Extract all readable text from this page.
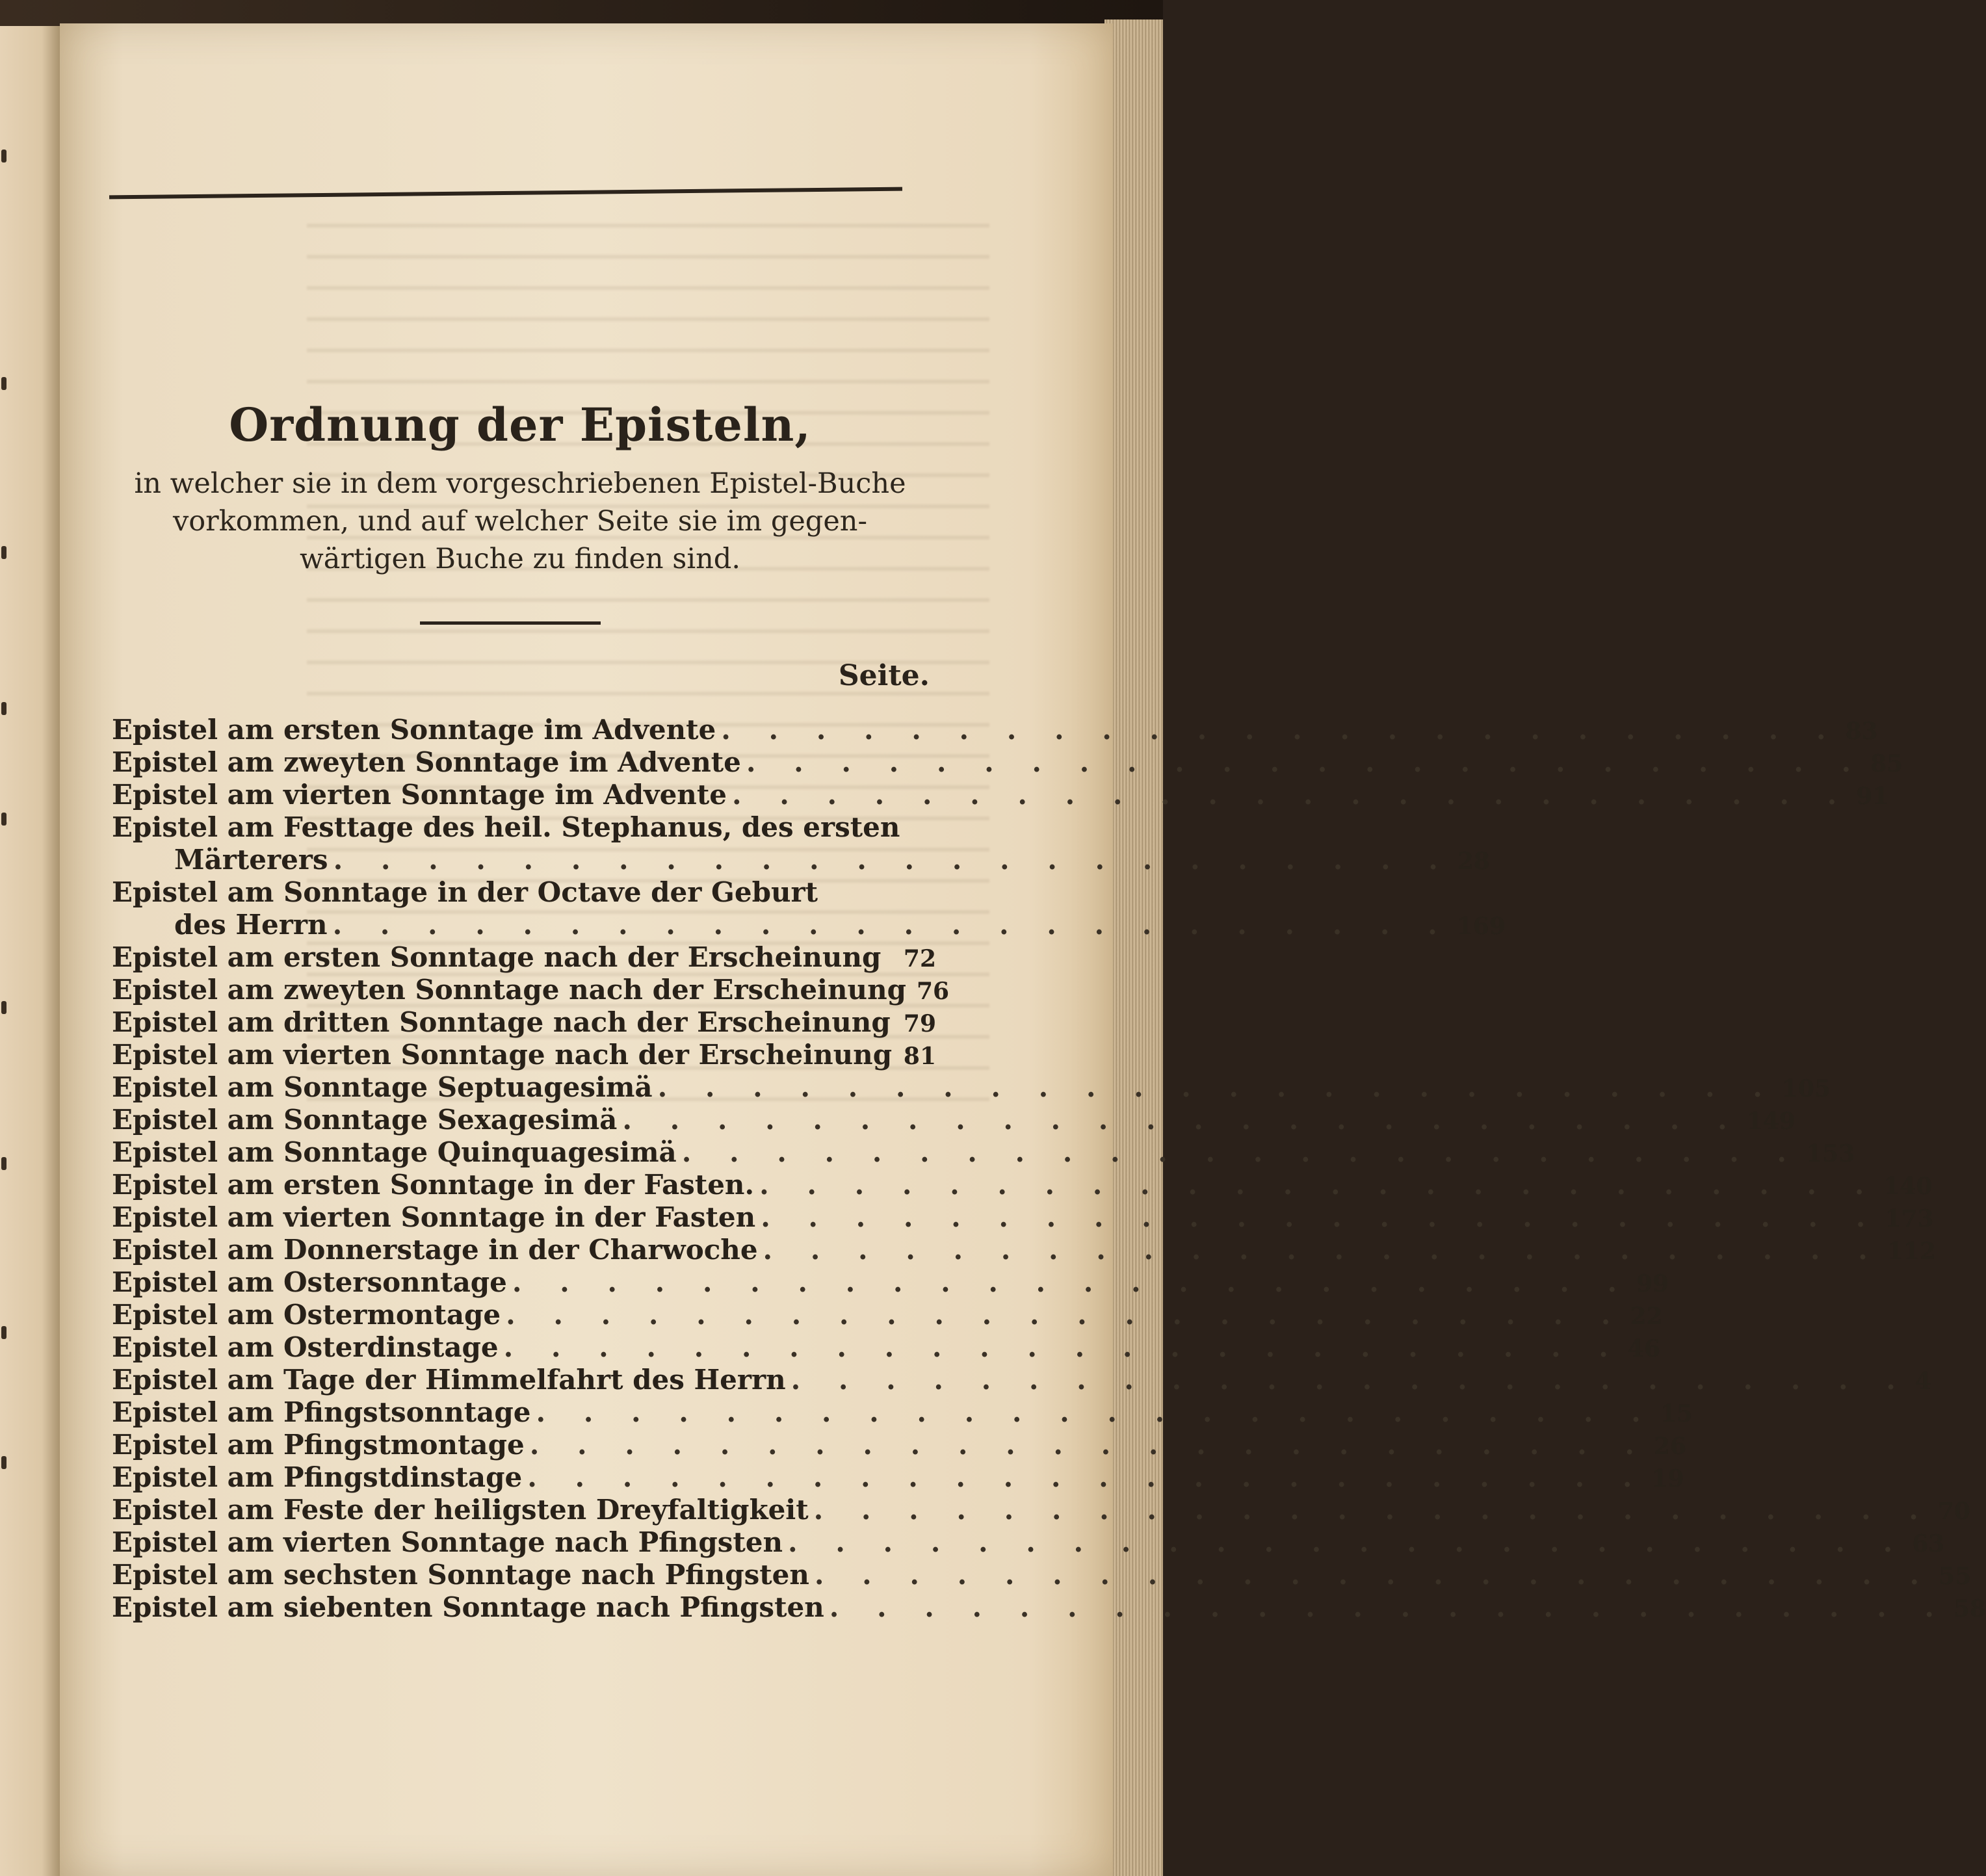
Ordnung der Episteln,
in welcher sie in dem vorgeschriebenen Epistel-Buche
vorkommen, und auf welcher Seite sie im gegen-
wärtigen Buche zu finden sind.
Seite.
Epistel am ersten Sonntage im Advente . . . . . . . . . . . . . . . . . . . . . . . . 83
Epistel am zweyten Sonntage im Advente . . . . . . . . . . . . . . . . . . . . . . . . 85
Epistel am vierten Sonntage im Advente . . . . . . . . . . . . . . . . . . . . . . . . 91
Epistel am Festtage des heil. Stephanus, des ersten
Märterers . . . . . . . . . . . . . . . . . . . . . . . . 28
Epistel am Sonntage in der Octave der Geburt
des Herrn . . . . . . . . . . . . . . . . . . . . . . . . 169
Epistel am ersten Sonntage nach der Erscheinung 72
Epistel am zweyten Sonntage nach der Erscheinung 76
Epistel am dritten Sonntage nach der Erscheinung 79
Epistel am vierten Sonntage nach der Erscheinung 81
Epistel am Sonntage Septuagesimä . . . . . . . . . . . . . . . . . . . . . . . . 105
Epistel am Sonntage Sexagesimä . . . . . . . . . . . . . . . . . . . . . . . . 149
Epistel am Sonntage Quinquagesimä . . . . . . . . . . . . . . . . . . . . . . . . 153
Epistel am ersten Sonntage in der Fasten. . . . . . . . . . . . . . . . . . . . . . . . . 140
Epistel am vierten Sonntage in der Fasten . . . . . . . . . . . . . . . . . . . . . . . . 173
Epistel am Donnerstage in der Charwoche . . . . . . . . . . . . . . . . . . . . . . . . 112
Epistel am Ostersonntage . . . . . . . . . . . . . . . . . . . . . . . . 99
Epistel am Ostermontage . . . . . . . . . . . . . . . . . . . . . . . . 22
Epistel am Osterdinstage . . . . . . . . . . . . . . . . . . . . . . . . 46
Epistel am Tage der Himmelfahrt des Herrn . . . . . . . . . . . . . . . . . . . . . . . . 4
Epistel am Pfingstsonntage . . . . . . . . . . . . . . . . . . . . . . . . 15
Epistel am Pfingstmontage . . . . . . . . . . . . . . . . . . . . . . . . 26
Epistel am Pfingstdinstage . . . . . . . . . . . . . . . . . . . . . . . . 19
Epistel am Feste der heiligsten Dreyfaltigkeit . . . . . . . . . . . . . . . . . . . . . . . . 70
Epistel am vierten Sonntage nach Pfingsten . . . . . . . . . . . . . . . . . . . . . . . . 63
Epistel am sechsten Sonntage nach Pfingsten . . . . . . . . . . . . . . . . . . . . . . . . 55
Epistel am siebenten Sonntage nach Pfingsten . . . . . . . . . . . . . . . . . . . . . . . . 58
